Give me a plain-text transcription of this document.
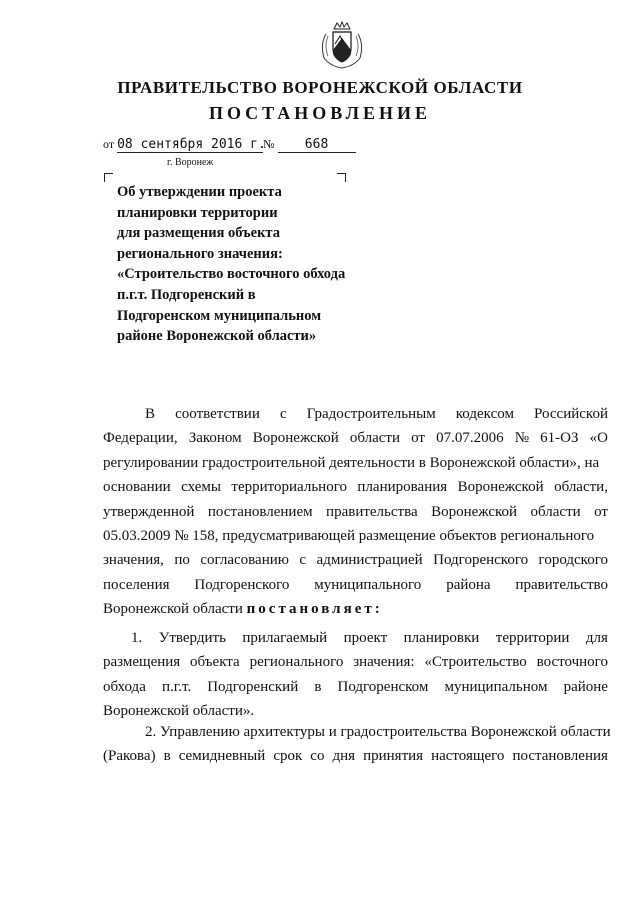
ПРАВИТЕЛЬСТВО ВОРОНЕЖСКОЙ ОБЛАСТИ
ПОСТАНОВЛЕНИЕ
от 08 сентября 2016 г.№ 668
г. Воронеж
Об утверждении проекта
планировки территории
для размещения объекта
регионального значения:
«Строительство восточного обхода
п.г.т. Подгоренский в
Подгоренском муниципальном
районе Воронежской области»
В соответствии с Градостроительным кодексом Российской
Федерации, Законом Воронежской области от 07.07.2006 № 61-ОЗ «О
регулировании градостроительной деятельности в Воронежской области», на
основании схемы территориального планирования Воронежской области,
утвержденной постановлением правительства Воронежской области от
05.03.2009 № 158, предусматривающей размещение объектов регионального
значения, по согласованию с администрацией Подгоренского городского
поселения Подгоренского муниципального района правительство
Воронежской области постановляет:
1. Утвердить прилагаемый проект планировки территории для
размещения объекта регионального значения: «Строительство восточного
обхода п.г.т. Подгоренский в Подгоренском муниципальном районе
Воронежской области».
2. Управлению архитектуры и градостроительства Воронежской области
(Ракова) в семидневный срок со дня принятия настоящего постановления
